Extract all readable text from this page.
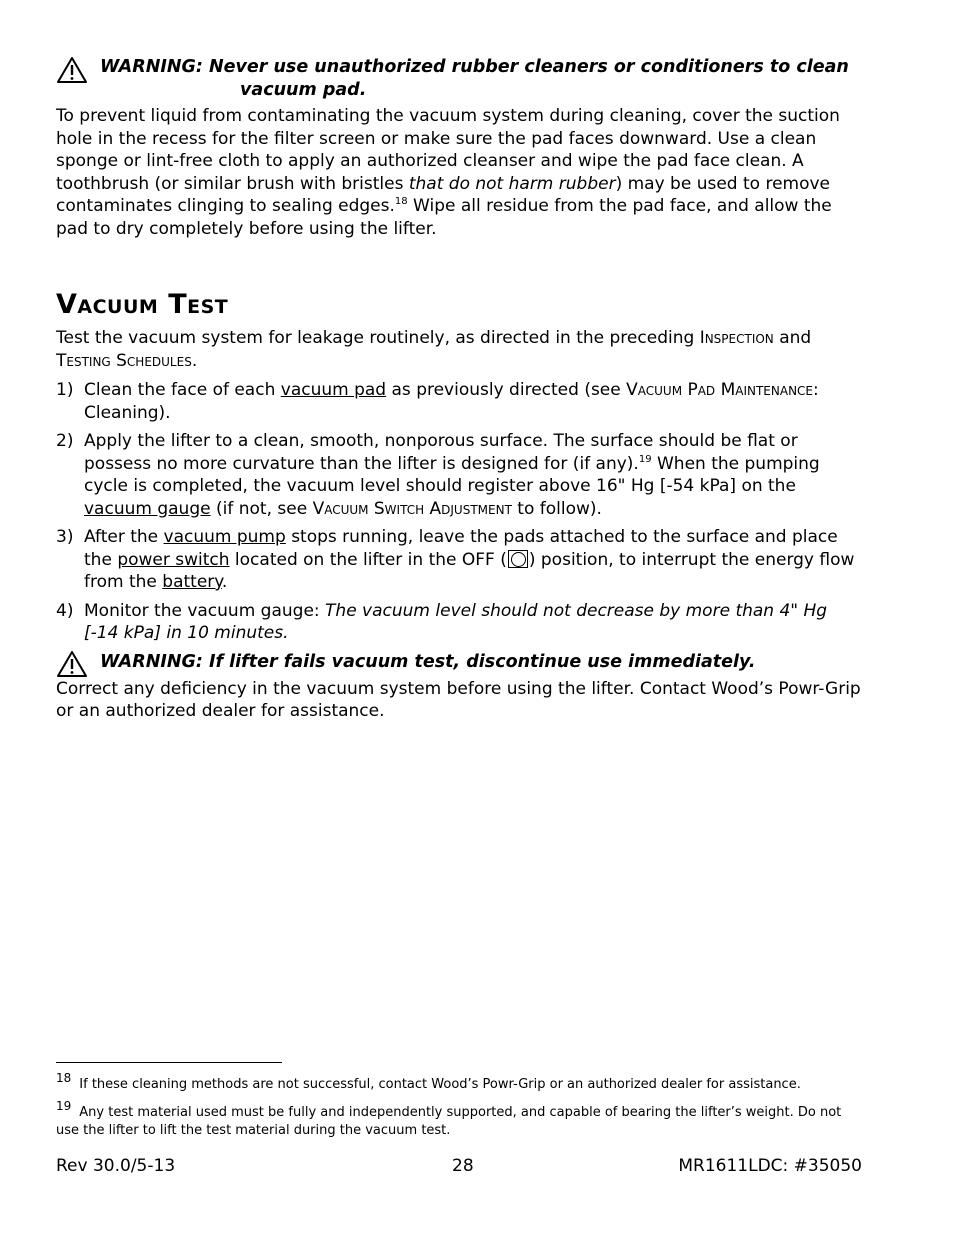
WARNING: Never use unauthorized rubber cleaners or conditioners to clean
vacuum pad.

To prevent liquid from contaminating the vacuum system during cleaning, cover the suction hole in the recess for the filter screen or make sure the pad faces downward. Use a clean sponge or lint-free cloth to apply an authorized cleanser and wipe the pad face clean. A toothbrush (or similar brush with bristles that do not harm rubber) may be used to remove contaminates clinging to sealing edges.$^{18}$ Wipe all residue from the pad face, and allow the pad to dry completely before using the lifter.

Vacuum Test

Test the vacuum system for leakage routinely, as directed in the preceding Inspection and Testing Schedules.

1) Clean the face of each vacuum pad as previously directed (see Vacuum Pad Maintenance: Cleaning).
2) Apply the lifter to a clean, smooth, nonporous surface. The surface should be flat or possess no more curvature than the lifter is designed for (if any).$^{19}$ When the pumping cycle is completed, the vacuum level should register above 16" Hg [-54 kPa] on the vacuum gauge (if not, see Vacuum Switch Adjustment to follow).
3) After the vacuum pump stops running, leave the pads attached to the surface and place the power switch located on the lifter in the OFF ( ) position, to interrupt the energy flow from the battery.
4) Monitor the vacuum gauge: The vacuum level should not decrease by more than 4" Hg [-14 kPa] in 10 minutes.
WARNING: If lifter fails vacuum test, discontinue use immediately.

Correct any deficiency in the vacuum system before using the lifter. Contact Wood’s Powr-Grip or an authorized dealer for assistance.

$^{18}$ If these cleaning methods are not successful, contact Wood’s Powr-Grip or an authorized dealer for assistance.
$^{19}$ Any test material used must be fully and independently supported, and capable of bearing the lifter’s weight. Do not use the lifter to lift the test material during the vacuum test.
Rev 30.0/5-13	28	MR1611LDC: #35050
